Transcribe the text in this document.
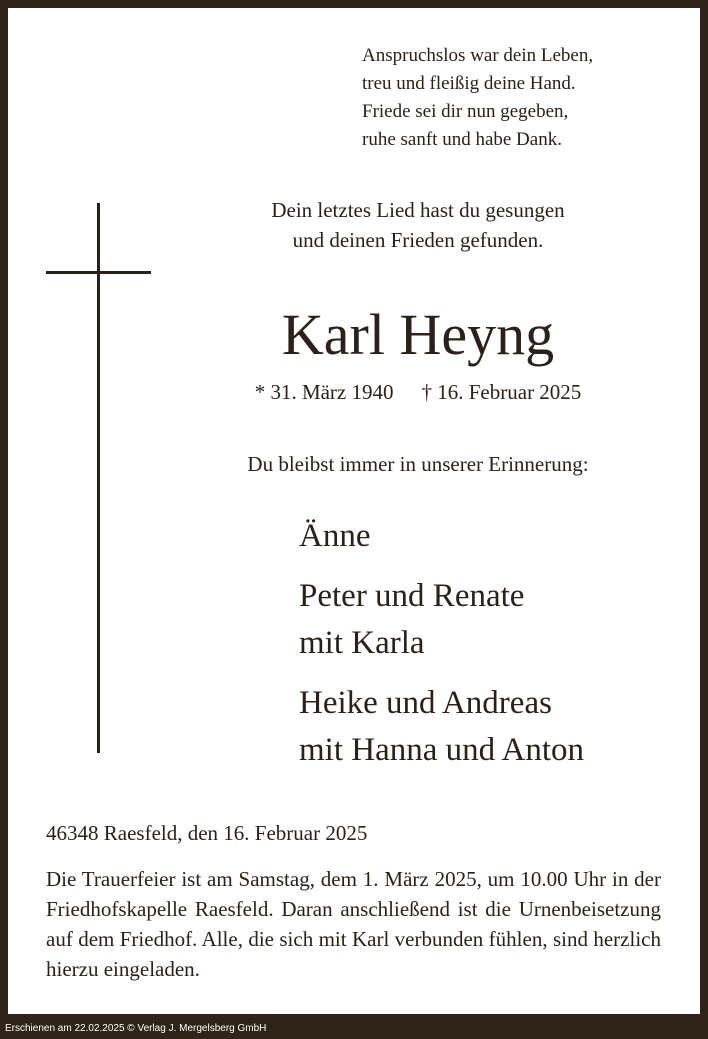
Anspruchslos war dein Leben,
treu und fleißig deine Hand.
Friede sei dir nun gegeben,
ruhe sanft und habe Dank.
Dein letztes Lied hast du gesungen
und deinen Frieden gefunden.
Karl Heyng
* 31. März 1940 † 16. Februar 2025
Du bleibst immer in unserer Erinnerung:
Änne
Peter und Renate
mit Karla
Heike und Andreas
mit Hanna und Anton
46348 Raesfeld, den 16. Februar 2025
Die Trauerfeier ist am Samstag, dem 1. März 2025, um 10.00 Uhr in der Friedhofskapelle Raesfeld. Daran anschließend ist die Urnenbeisetzung auf dem Friedhof. Alle, die sich mit Karl verbunden fühlen, sind herzlich hierzu eingeladen.
Erschienen am 22.02.2025 © Verlag J. Mergelsberg GmbH
